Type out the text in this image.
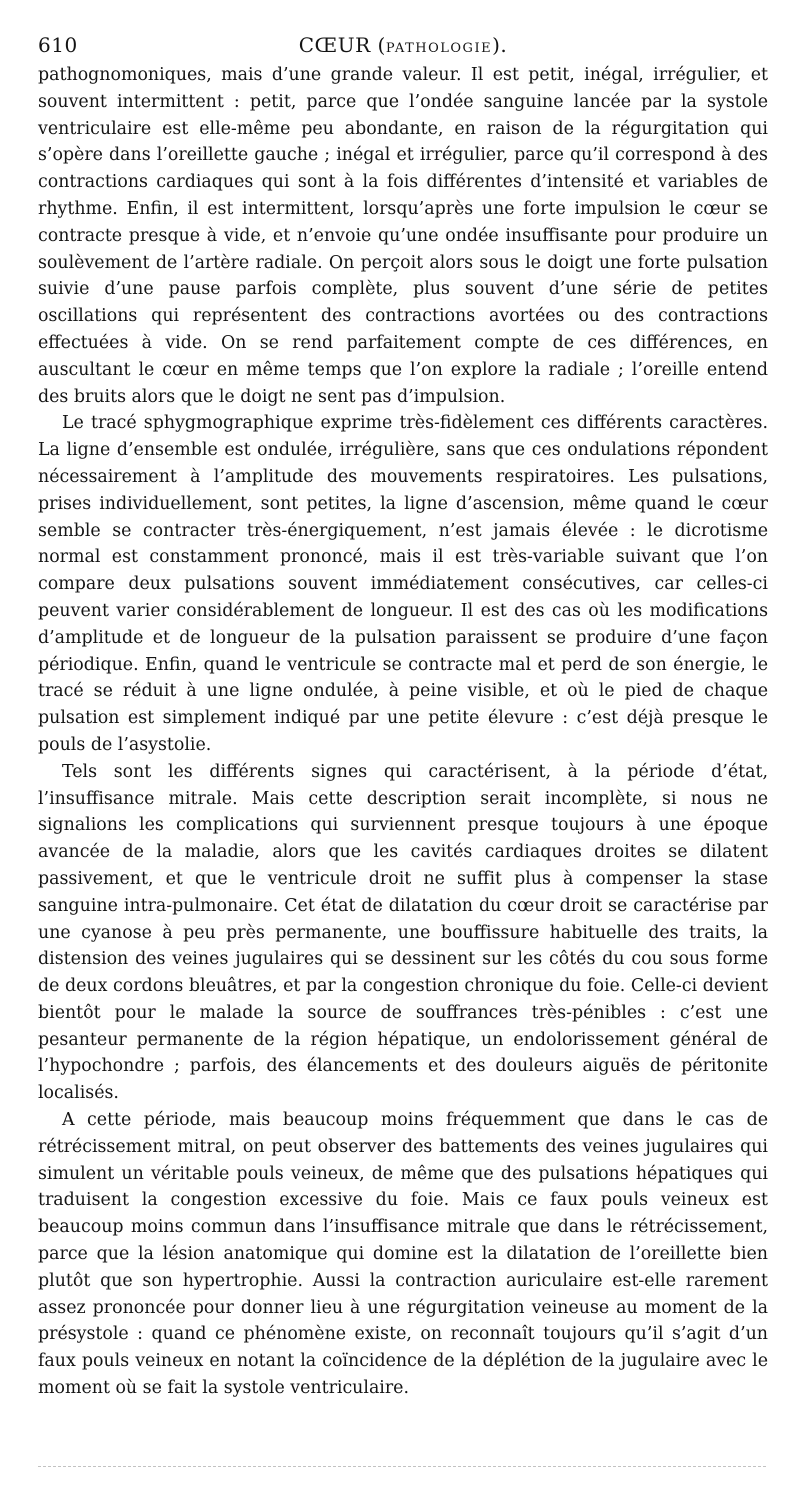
610	CŒUR (PATHOLOGIE).

pathognomoniques, mais d’une grande valeur. Il est petit, inégal, irrégulier, et souvent intermittent : petit, parce que l’ondée sanguine lancée par la systole ventriculaire est elle-même peu abondante, en raison de la régurgitation qui s’opère dans l’oreillette gauche ; inégal et irrégulier, parce qu’il correspond à des contractions cardiaques qui sont à la fois différentes d’intensité et variables de rhythme. Enfin, il est intermittent, lorsqu’après une forte impulsion le cœur se contracte presque à vide, et n’envoie qu’une ondée insuffisante pour produire un soulèvement de l’artère radiale. On perçoit alors sous le doigt une forte pulsation suivie d’une pause parfois complète, plus souvent d’une série de petites oscillations qui représentent des contractions avortées ou des contractions effectuées à vide. On se rend parfaitement compte de ces différences, en auscultant le cœur en même temps que l’on explore la radiale ; l’oreille entend des bruits alors que le doigt ne sent pas d’impulsion.

Le tracé sphygmographique exprime très-fidèlement ces différents caractères. La ligne d’ensemble est ondulée, irrégulière, sans que ces ondulations répondent nécessairement à l’amplitude des mouvements respiratoires. Les pulsations, prises individuellement, sont petites, la ligne d’ascension, même quand le cœur semble se contracter très-énergiquement, n’est jamais élevée : le dicrotisme normal est constamment prononcé, mais il est très-variable suivant que l’on compare deux pulsations souvent immédiatement consécutives, car celles-ci peuvent varier considérablement de longueur. Il est des cas où les modifications d’amplitude et de longueur de la pulsation paraissent se produire d’une façon périodique. Enfin, quand le ventricule se contracte mal et perd de son énergie, le tracé se réduit à une ligne ondulée, à peine visible, et où le pied de chaque pulsation est simplement indiqué par une petite élevure : c’est déjà presque le pouls de l’asystolie.

Tels sont les différents signes qui caractérisent, à la période d’état, l’insuffisance mitrale. Mais cette description serait incomplète, si nous ne signalions les complications qui surviennent presque toujours à une époque avancée de la maladie, alors que les cavités cardiaques droites se dilatent passivement, et que le ventricule droit ne suffit plus à compenser la stase sanguine intra-pulmonaire. Cet état de dilatation du cœur droit se caractérise par une cyanose à peu près permanente, une bouffissure habituelle des traits, la distension des veines jugulaires qui se dessinent sur les côtés du cou sous forme de deux cordons bleuâtres, et par la congestion chronique du foie. Celle-ci devient bientôt pour le malade la source de souffrances très-pénibles : c’est une pesanteur permanente de la région hépatique, un endolorissement général de l’hypochondre ; parfois, des élancements et des douleurs aiguës de péritonite localisés.

A cette période, mais beaucoup moins fréquemment que dans le cas de rétrécissement mitral, on peut observer des battements des veines jugulaires qui simulent un véritable pouls veineux, de même que des pulsations hépatiques qui traduisent la congestion excessive du foie. Mais ce faux pouls veineux est beaucoup moins commun dans l’insuffisance mitrale que dans le rétrécissement, parce que la lésion anatomique qui domine est la dilatation de l’oreillette bien plutôt que son hypertrophie. Aussi la contraction auriculaire est-elle rarement assez prononcée pour donner lieu à une régurgitation veineuse au moment de la présystole : quand ce phénomène existe, on reconnaît toujours qu’il s’agit d’un faux pouls veineux en notant la coïncidence de la déplétion de la jugulaire avec le moment où se fait la systole ventriculaire.
